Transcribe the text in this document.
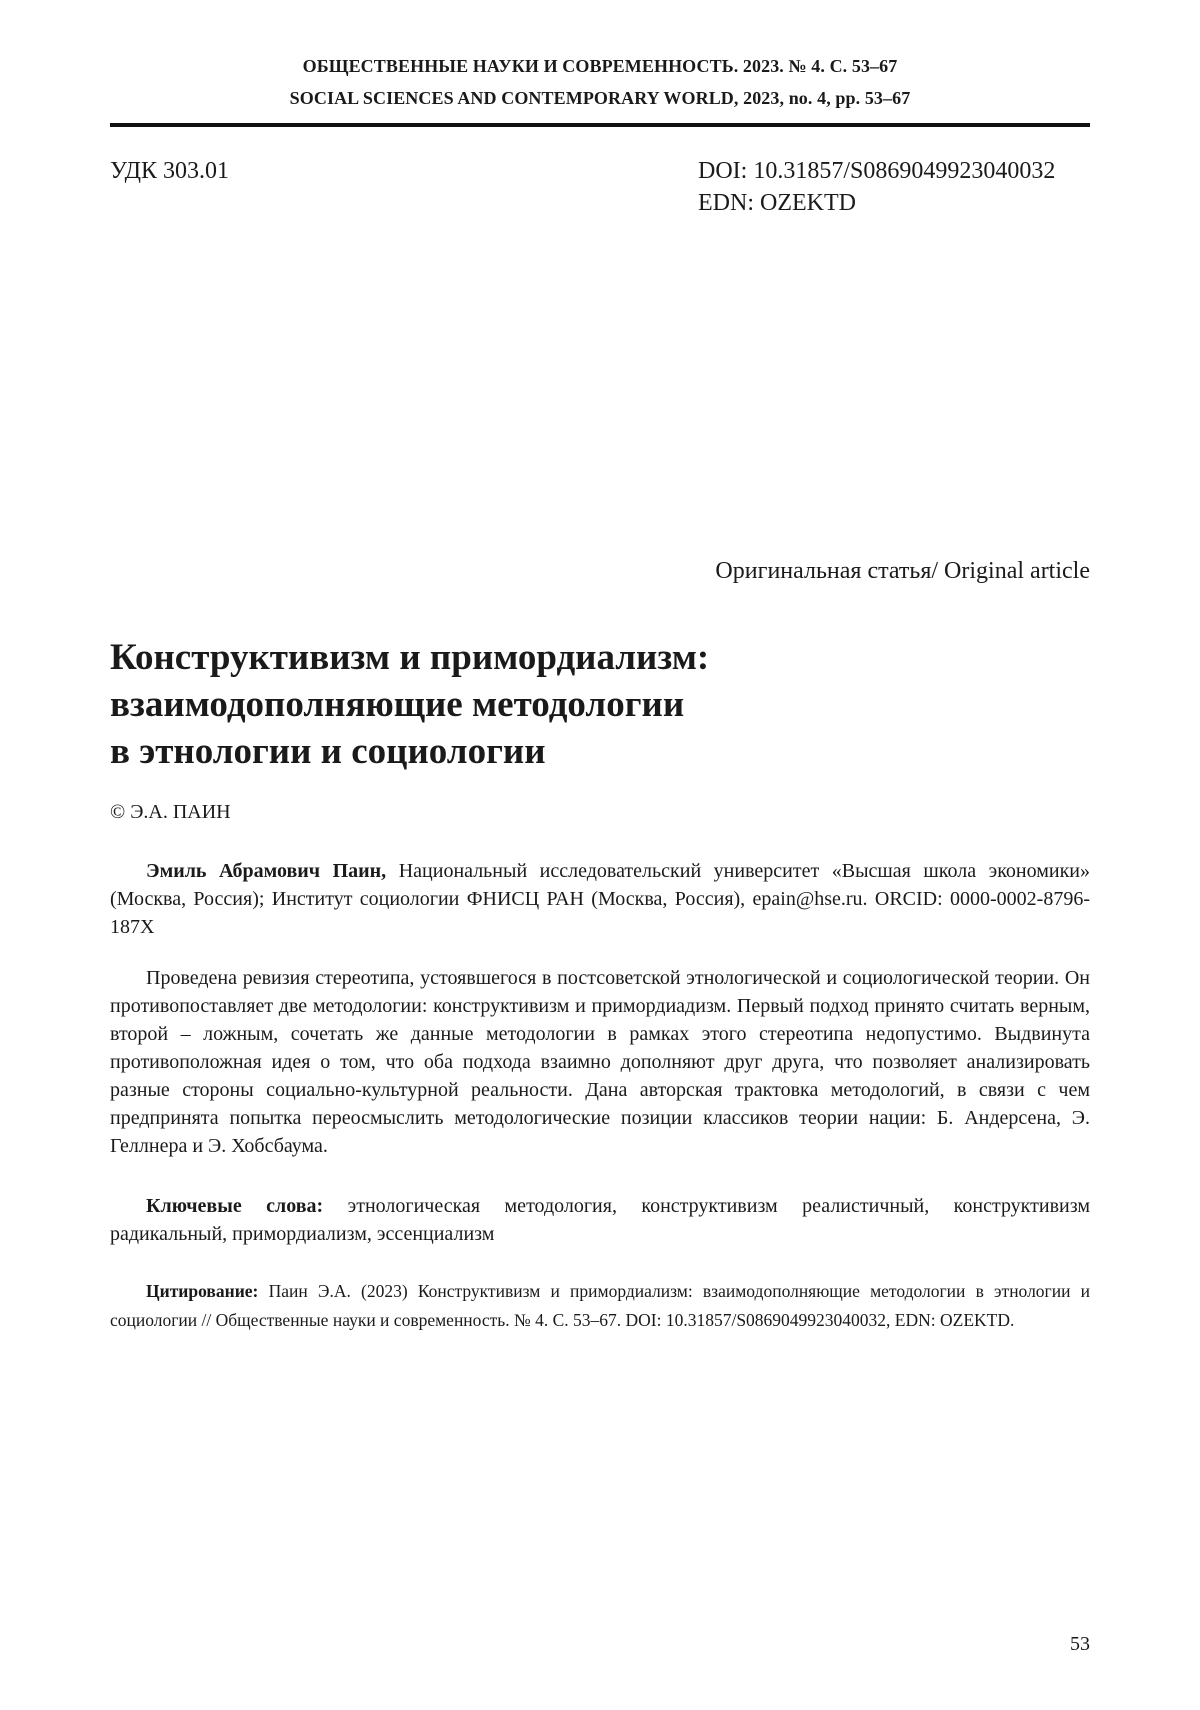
ОБЩЕСТВЕННЫЕ НАУКИ И СОВРЕМЕННОСТЬ. 2023. № 4. С. 53–67
SOCIAL SCIENCES AND CONTEMPORARY WORLD, 2023, no. 4, pp. 53–67
УДК 303.01	DOI: 10.31857/S0869049923040032
EDN: OZEKTD
Оригинальная статья/ Original article
Конструктивизм и примордиализм:
взаимодополняющие методологии
в этнологии и социологии
© Э.А. ПАИН

Эмиль Абрамович Паин, Национальный исследовательский университет «Высшая школа экономики» (Москва, Россия); Институт социологии ФНИСЦ РАН (Москва, Россия), epain@hse.ru. ORCID: 0000-0002-8796-187X

Проведена ревизия стереотипа, устоявшегося в постсоветской этнологической и социологической теории. Он противопоставляет две методологии: конструктивизм и примордиадизм. Первый подход принято считать верным, второй – ложным, сочетать же данные методологии в рамках этого стереотипа недопустимо. Выдвинута противоположная идея о том, что оба подхода взаимно дополняют друг друга, что позволяет анализировать разные стороны социально-культурной реальности. Дана авторская трактовка методологий, в связи с чем предпринята попытка переосмыслить методологические позиции классиков теории нации: Б. Андерсена, Э. Геллнера и Э. Хобсбаума.

Ключевые слова: этнологическая методология, конструктивизм реалистичный, конструктивизм радикальный, примордиализм, эссенциализм

Цитирование: Паин Э.А. (2023) Конструктивизм и примордиализм: взаимодополняющие методологии в этнологии и социологии // Общественные науки и современность. № 4. С. 53–67. DOI: 10.31857/S0869049923040032, EDN: OZEKTD.

53
